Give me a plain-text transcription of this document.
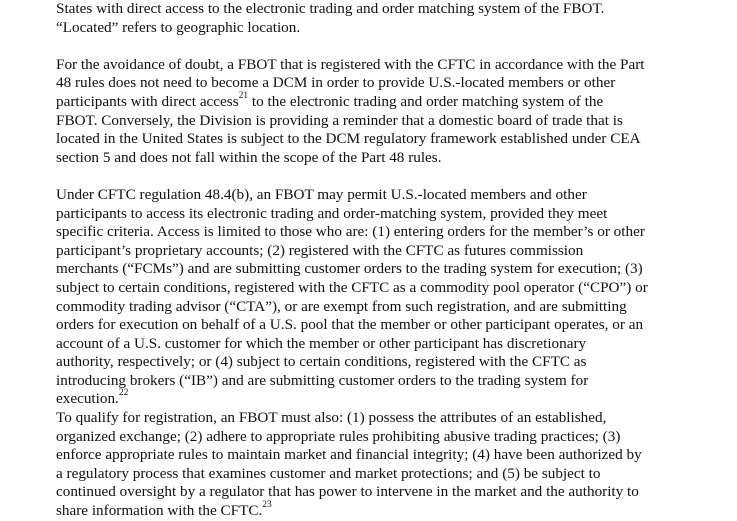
States with direct access to the electronic trading and order matching system of the FBOT.
“Located” refers to geographic location.
For the avoidance of doubt, a FBOT that is registered with the CFTC in accordance with the Part
48 rules does not need to become a DCM in order to provide U.S.-located members or other
participants with direct access$^{21}$ to the electronic trading and order matching system of the
FBOT. Conversely, the Division is providing a reminder that a domestic board of trade that is
located in the United States is subject to the DCM regulatory framework established under CEA
section 5 and does not fall within the scope of the Part 48 rules.
Under CFTC regulation 48.4(b), an FBOT may permit U.S.-located members and other
participants to access its electronic trading and order-matching system, provided they meet
specific criteria. Access is limited to those who are: (1) entering orders for the member’s or other
participant’s proprietary accounts; (2) registered with the CFTC as futures commission
merchants (“FCMs”) and are submitting customer orders to the trading system for execution; (3)
subject to certain conditions, registered with the CFTC as a commodity pool operator (“CPO”) or
commodity trading advisor (“CTA”), or are exempt from such registration, and are submitting
orders for execution on behalf of a U.S. pool that the member or other participant operates, or an
account of a U.S. customer for which the member or other participant has discretionary
authority, respectively; or (4) subject to certain conditions, registered with the CFTC as
introducing brokers (“IB”) and are submitting customer orders to the trading system for
execution.$^{22}$
To qualify for registration, an FBOT must also: (1) possess the attributes of an established,
organized exchange; (2) adhere to appropriate rules prohibiting abusive trading practices; (3)
enforce appropriate rules to maintain market and financial integrity; (4) have been authorized by
a regulatory process that examines customer and market protections; and (5) be subject to
continued oversight by a regulator that has power to intervene in the market and the authority to
share information with the CFTC.$^{23}$
